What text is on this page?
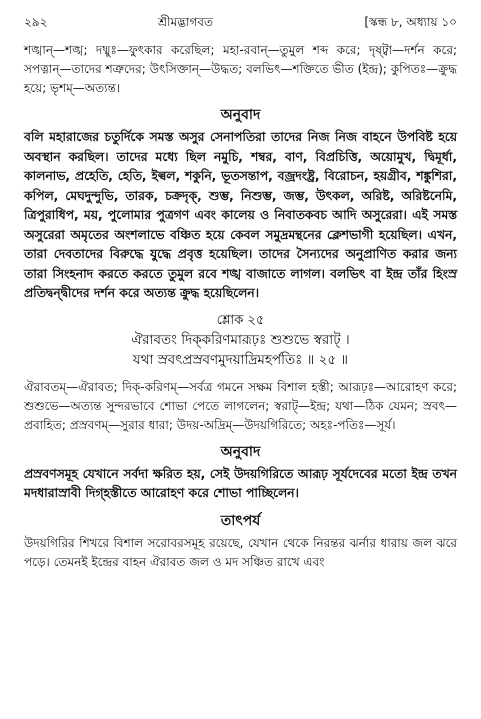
২৯২	শ্রীমদ্ভাগবত	[স্কন্ধ ৮, অধ্যায় ১০

শঙ্খান্—শঙ্খ; দধ্মুঃ—ফুৎকার করেছিল; মহা-রবান্—তুমুল শব্দ করে; দৃষ্ট্বা—দর্শন করে; সপত্নান্—তাদের শত্রুদের; উৎসিক্তান্—উদ্ধত; বলভিৎ—শক্তিতে ভীত (ইন্দ্র); কুপিতঃ—ক্রুদ্ধ হয়ে; ভৃশম্—অত্যন্ত।

অনুবাদ

বলি মহারাজের চতুর্দিকে সমস্ত অসুর সেনাপতিরা তাদের নিজ নিজ বাহনে উপবিষ্ট হয়ে অবস্থান করছিল। তাদের মধ্যে ছিল নমুচি, শম্বর, বাণ, বিপ্রচিত্তি, অয়োমুখ, দ্বিমূর্ধা, কালনাভ, প্রহেতি, হেতি, ইল্বল, শকুনি, ভূতসন্তাপ, বজ্রদংষ্ট্র, বিরোচন, হয়গ্রীব, শঙ্কুশিরা, কপিল, মেঘদুন্দুভি, তারক, চক্রদৃক্‌, শুম্ভ, নিশুম্ভ, জম্ভ, উৎকল, অরিষ্ট, অরিষ্টনেমি, ত্রিপুরাধিপ, ময়, পুলোমার পুত্রগণ এবং কালেয় ও নিবাতকবচ আদি অসুরেরা। এই সমস্ত অসুরেরা অমৃতের অংশলাভে বঞ্চিত হয়ে কেবল সমুদ্রমন্থনের ক্লেশভাগী হয়েছিল। এখন, তারা দেবতাদের বিরুদ্ধে যুদ্ধে প্রবৃত্ত হয়েছিল। তাদের সৈন্যদের অনুপ্রাণিত করার জন্য তারা সিংহনাদ করতে করতে তুমুল রবে শঙ্খ বাজাতে লাগল। বলভিৎ বা ইন্দ্র তাঁর হিংস্র প্রতিদ্বন্দ্বীদের দর্শন করে অত্যন্ত ক্রুদ্ধ হয়েছিলেন।

শ্লোক ২৫
ঐরাবতং দিক্‌করিণমারূঢ়ঃ শুশুভে স্বরাট্‌ ।
যথা স্রবৎপ্রস্রবণমুদয়াদ্রিমহর্পতিঃ ॥ ২৫ ॥

ঐরাবতম্—ঐরাবত; দিক্‌-করিণম্—সর্বত্র গমনে সক্ষম বিশাল হস্তী; আরূঢ়ঃ—আরোহণ করে; শুশুভে—অত্যন্ত সুন্দরভাবে শোভা পেতে লাগলেন; স্বরাট্—ইন্দ্র; যথা—ঠিক যেমন; স্রবৎ—প্রবাহিত; প্রস্রবণম্—সুরার ধারা; উদয়-অদ্রিম্—উদয়গিরিতে; অহঃ-পতিঃ—সূর্য।

অনুবাদ

প্রস্রবণসমূহ যেখানে সর্বদা ক্ষরিত হয়, সেই উদয়গিরিতে আরূঢ় সূর্যদেবের মতো ইন্দ্র তখন মদধারাস্রাবী দিগ্‌হস্তীতে আরোহণ করে শোভা পাচ্ছিলেন।

তাৎপর্য

উদয়গিরির শিখরে বিশাল সরোবরসমূহ রয়েছে, যেখান থেকে নিরন্তর ঝর্নার ধারায় জল ঝরে পড়ে। তেমনই ইন্দ্রের বাহন ঐরাবত জল ও মদ সঞ্চিত রাখে এবং
